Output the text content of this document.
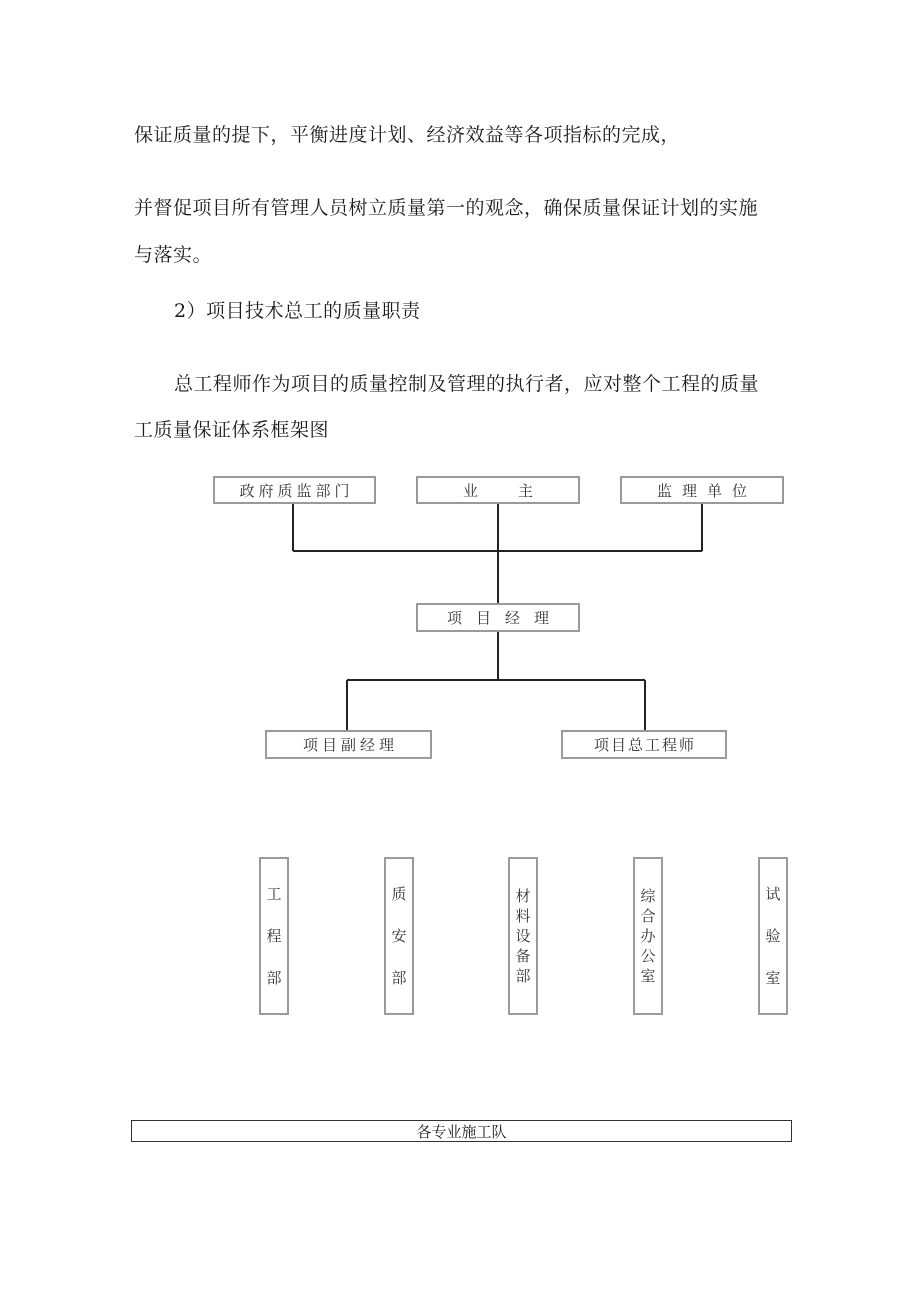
保证质量的提下，平衡进度计划、经济效益等各项指标的完成，
并督促项目所有管理人员树立质量第一的观念，确保质量保证计划的实施
与落实。
2）项目技术总工的质量职责
总工程师作为项目的质量控制及管理的执行者，应对整个工程的质量
工质量保证体系框架图
政府质监部门	业主	监理单位
项目经理
项目副经理	项目总工程师
工
程
部
质
安
部
材
料
设
备
部
综
合
办
公
室
试
验
室
各专业施工队
